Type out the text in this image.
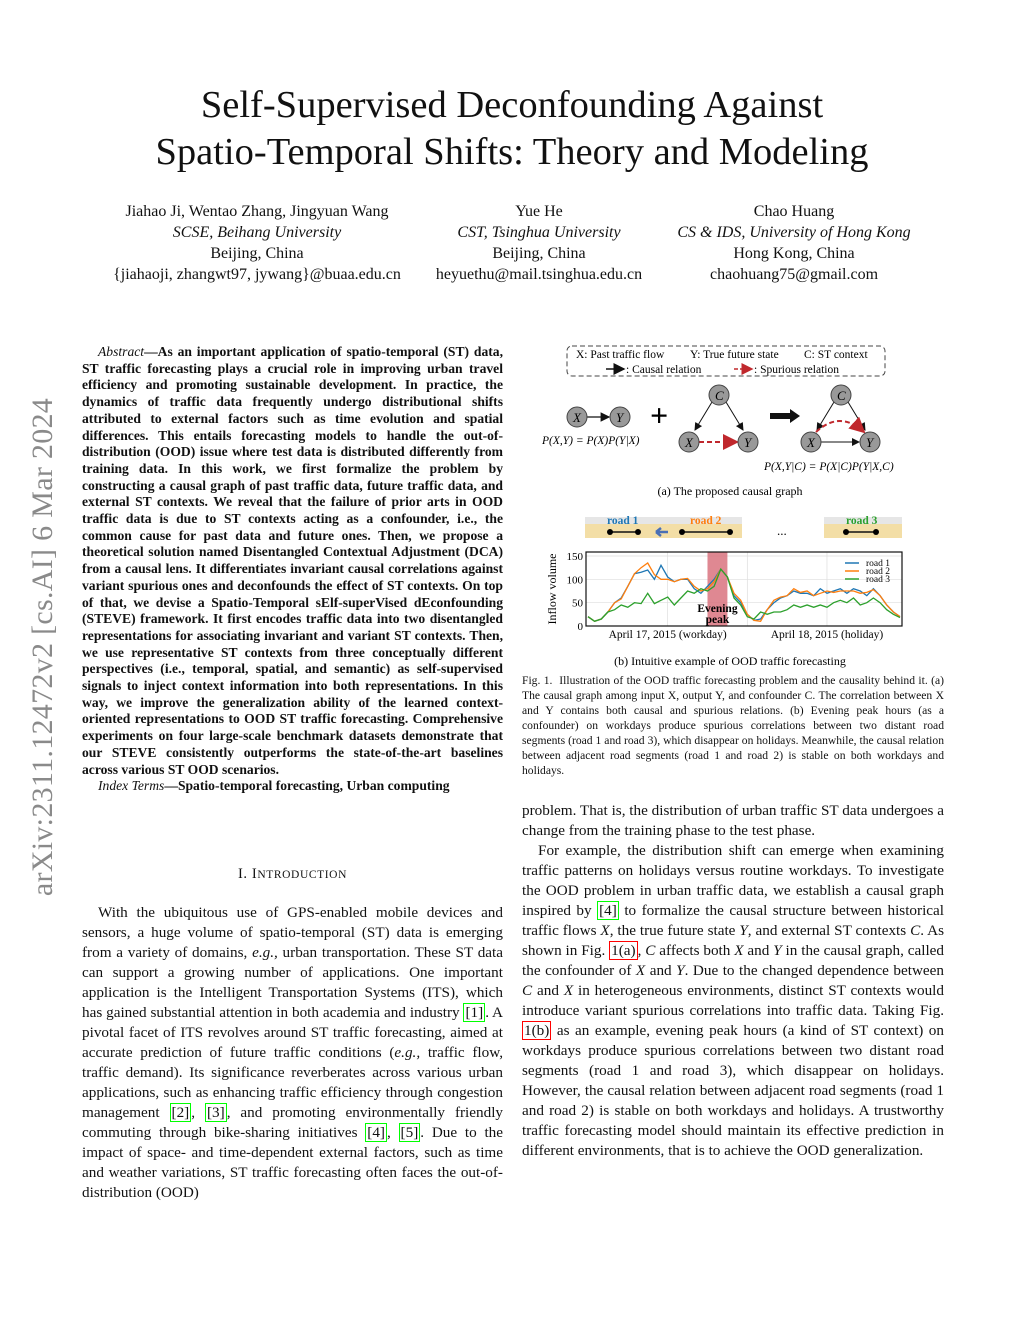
Self-Supervised Deconfounding Against
Spatio-Temporal Shifts: Theory and Modeling
Jiahao Ji, Wentao Zhang, Jingyuan Wang
SCSE, Beihang University
Beijing, China
{jiahaoji, zhangwt97, jywang}@buaa.edu.cn
Yue He
CST, Tsinghua University
Beijing, China
heyuethu@mail.tsinghua.edu.cn
Chao Huang
CS & IDS, University of Hong Kong
Hong Kong, China
chaohuang75@gmail.com
arXiv:2311.12472v2 [cs.AI] 6 Mar 2024

Abstract—As an important application of spatio-temporal (ST) data, ST traffic forecasting plays a crucial role in improving urban travel efficiency and promoting sustainable development. In practice, the dynamics of traffic data frequently undergo distributional shifts attributed to external factors such as time evolution and spatial differences. This entails forecasting models to handle the out-of-distribution (OOD) issue where test data is distributed differently from training data. In this work, we first formalize the problem by constructing a causal graph of past traffic data, future traffic data, and external ST contexts. We reveal that the failure of prior arts in OOD traffic data is due to ST contexts acting as a confounder, i.e., the common cause for past data and future ones. Then, we propose a theoretical solution named Disentangled Contextual Adjustment (DCA) from a causal lens. It differentiates invariant causal correlations against variant spurious ones and deconfounds the effect of ST contexts. On top of that, we devise a Spatio-Temporal sElf-superVised dEconfounding (STEVE) framework. It first encodes traffic data into two disentangled representations for associating invariant and variant ST contexts. Then, we use representative ST contexts from three conceptually different perspectives (i.e., temporal, spatial, and semantic) as self-supervised signals to inject context information into both representations. In this way, we improve the generalization ability of the learned context-oriented representations to OOD ST traffic forecasting. Comprehensive experiments on four large-scale benchmark datasets demonstrate that our STEVE consistently outperforms the state-of-the-art baselines across various ST OOD scenarios.

Index Terms—Spatio-temporal forecasting, Urban computing

I. INTRODUCTION

With the ubiquitous use of GPS-enabled mobile devices and sensors, a huge volume of spatio-temporal (ST) data is emerging from a variety of domains, e.g., urban transportation. These ST data can support a growing number of applications. One important application is the Intelligent Transportation Systems (ITS), which has gained substantial attention in both academia and industry [1] . A pivotal facet of ITS revolves around ST traffic forecasting, aimed at accurate prediction of future traffic conditions (e.g., traffic flow, traffic demand). Its significance reverberates across various urban applications, such as enhancing traffic efficiency through congestion management [2] , [3] , and promoting environmentally friendly commuting through bike-sharing initiatives [4] , [5] . Due to the impact of space- and time-dependent external factors, such as time and weather variations, ST traffic forecasting often faces the out-of-distribution (OOD)

X: Past traffic flow Y: True future state C: ST context
: Causal relation	: Spurious relation
X	Y
P(X,Y) = P(X)P(Y|X)
+
C
X	Y
C
X	Y
P(X,Y|C) = P(X|C)P(Y|X,C)
(a) The proposed causal graph
road 1	road 2	road 3
...
0
50
100
150
Inflow volume
April 17, 2015 (workday)	April 18, 2015 (holiday)
Evening
peak
road 1
road 2
road 3
(b) Intuitive example of OOD traffic forecasting
Fig. 1. Illustration of the OOD traffic forecasting problem and the causality behind it. (a) The causal graph among input X, output Y, and confounder C. The correlation between X and Y contains both causal and spurious relations. (b) Evening peak hours (as a confounder) on workdays produce spurious correlations between two distant road segments (road 1 and road 3), which disappear on holidays. Meanwhile, the causal relation between adjacent road segments (road 1 and road 2) is stable on both workdays and holidays.

problem. That is, the distribution of urban traffic ST data undergoes a change from the training phase to the test phase.

For example, the distribution shift can emerge when examining traffic patterns on holidays versus routine workdays. To investigate the OOD problem in urban traffic data, we establish a causal graph inspired by [4] to formalize the causal structure between historical traffic flows X, the true future state Y, and external ST contexts C. As shown in Fig. 1(a) , C affects both X and Y in the causal graph, called the confounder of X and Y. Due to the changed dependence between C and X in heterogeneous environments, distinct ST contexts would introduce variant spurious correlations into traffic data. Taking Fig. 1(b) as an example, evening peak hours (a kind of ST context) on workdays produce spurious correlations between two distant road segments (road 1 and road 3), which disappear on holidays. However, the causal relation between adjacent road segments (road 1 and road 2) is stable on both workdays and holidays. A trustworthy traffic forecasting model should maintain its effective prediction in different environments, that is to achieve the OOD generalization.
